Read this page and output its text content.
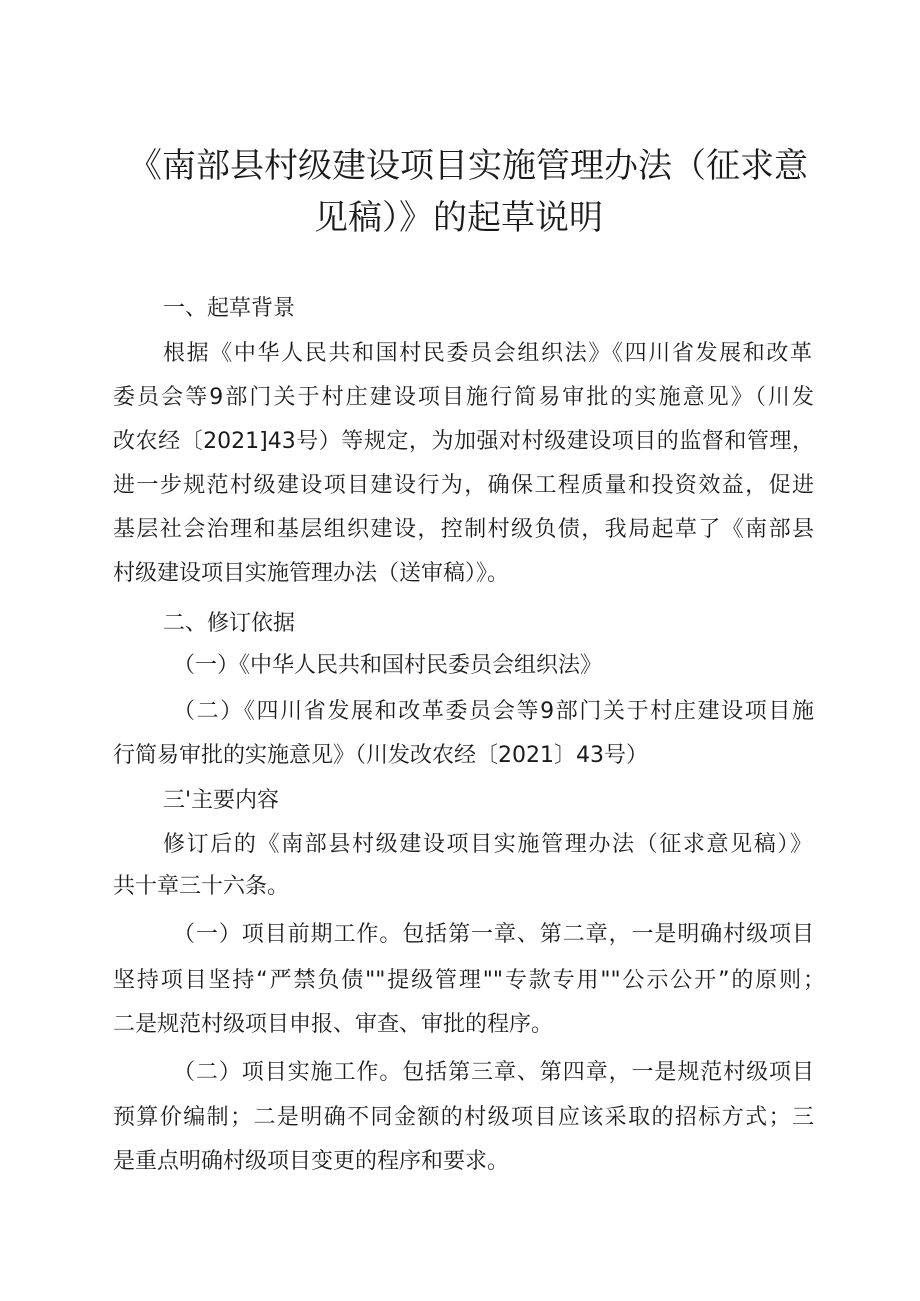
《南部县村级建设项目实施管理办法（征求意
见稿）》的起草说明
一、起草背景
根据《中华人民共和国村民委员会组织法》《四川省发展和改革
委员会等9部门关于村庄建设项目施行简易审批的实施意见》（川发
改农经〔2021]43号）等规定，为加强对村级建设项目的监督和管理，
进一步规范村级建设项目建设行为，确保工程质量和投资效益，促进
基层社会治理和基层组织建设，控制村级负债，我局起草了《南部县
村级建设项目实施管理办法（送审稿）》。
二、修订依据
（一）《中华人民共和国村民委员会组织法》
（二）《四川省发展和改革委员会等9部门关于村庄建设项目施
行简易审批的实施意见》（川发改农经〔2021〕43号）
三'主要内容
修订后的《南部县村级建设项目实施管理办法（征求意见稿）》
共十章三十六条。
（一）项目前期工作。包括第一章、第二章，一是明确村级项目
坚持项目坚持“严禁负债""提级管理""专款专用""公示公开”的原则；
二是规范村级项目申报、审查、审批的程序。
（二）项目实施工作。包括第三章、第四章，一是规范村级项目
预算价编制；二是明确不同金额的村级项目应该采取的招标方式；三
是重点明确村级项目变更的程序和要求。
